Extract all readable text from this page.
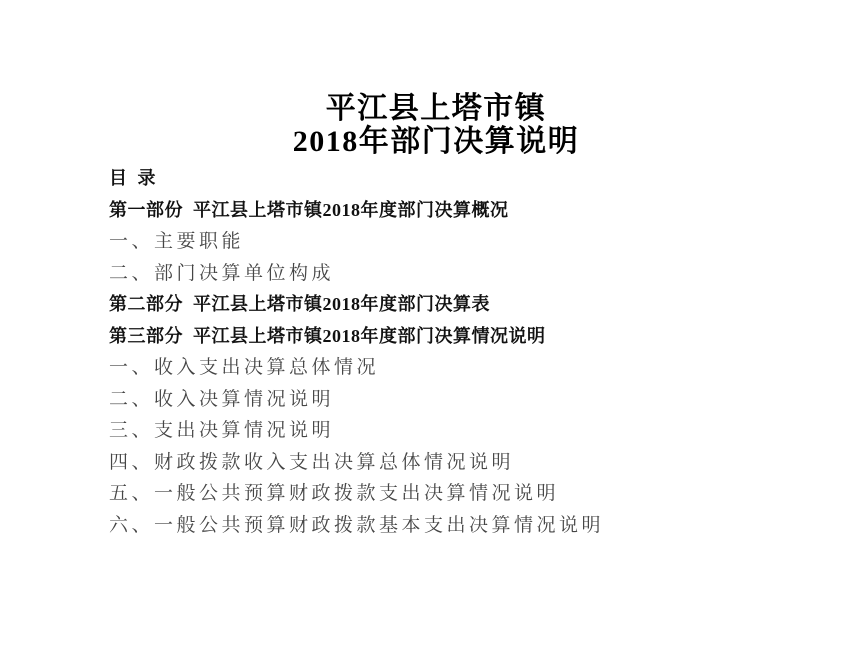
平江县上塔市镇
2018年部门决算说明
目  录
第一部份  平江县上塔市镇2018年度部门决算概况
一、主要职能
二、部门决算单位构成
第二部分  平江县上塔市镇2018年度部门决算表
第三部分  平江县上塔市镇2018年度部门决算情况说明
一、收入支出决算总体情况
二、收入决算情况说明
三、支出决算情况说明
四、财政拨款收入支出决算总体情况说明
五、一般公共预算财政拨款支出决算情况说明
六、一般公共预算财政拨款基本支出决算情况说明
